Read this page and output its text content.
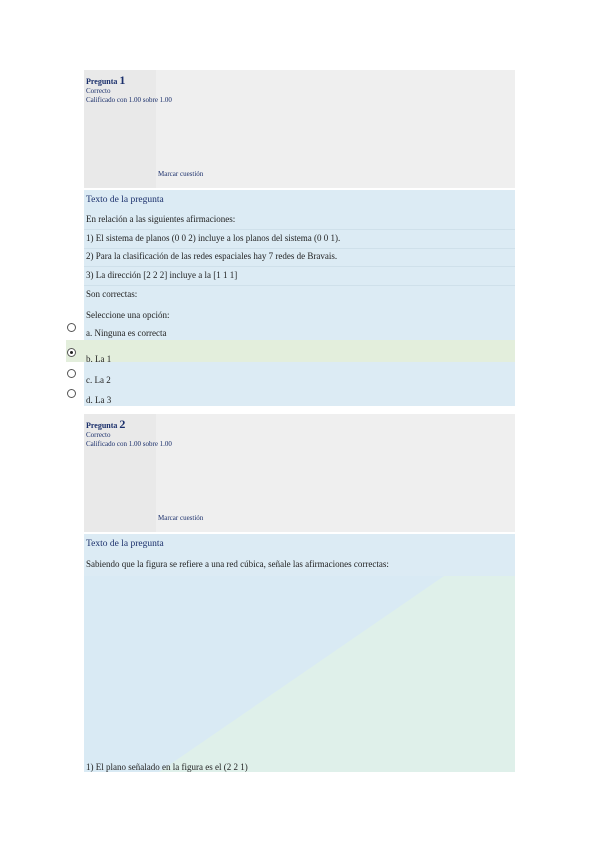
Pregunta 1
Correcto
Calificado con 1.00 sobre 1.00
Marcar cuestión
Texto de la pregunta
En relación a las siguientes afirmaciones:
1) El sistema de planos (0 0 2) incluye a los planos del sistema (0 0 1).
2) Para la clasificación de las redes espaciales hay 7 redes de Bravais.
3) La dirección [2 2 2] incluye a la [1 1 1]
Son correctas:
Seleccione una opción:
a. Ninguna es correcta
b. La 1
c. La 2
d. La 3
Pregunta 2
Correcto
Calificado con 1.00 sobre 1.00
Marcar cuestión
Texto de la pregunta
Sabiendo que la figura se refiere a una red cúbica, señale las afirmaciones correctas:
1) El plano señalado en la figura es el (2 2 1)
